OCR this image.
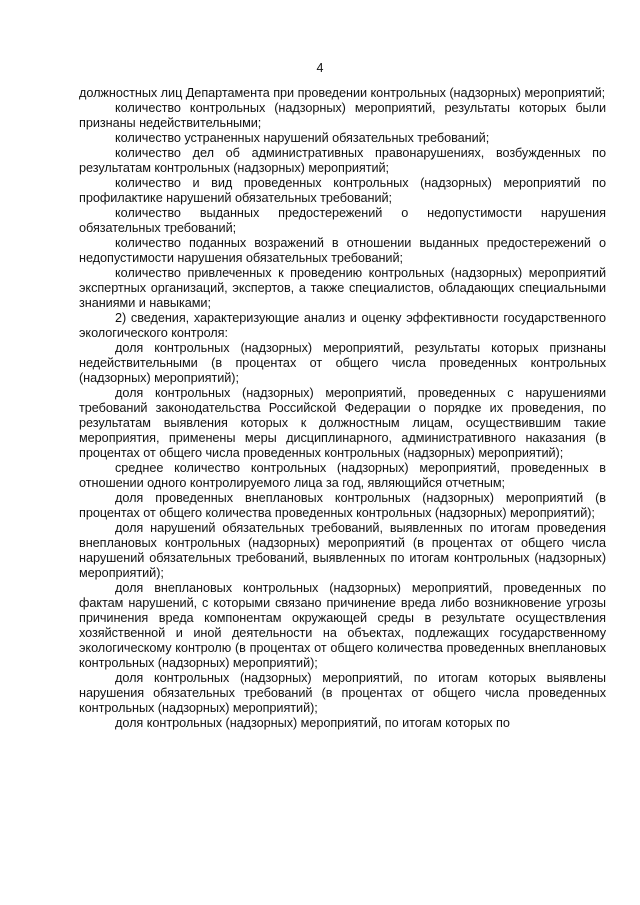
4

должностных лиц Департамента при проведении контрольных (надзорных) мероприятий;

количество контрольных (надзорных) мероприятий, результаты которых были признаны недействительными;

количество устраненных нарушений обязательных требований;

количество дел об административных правонарушениях, возбужденных по результатам контрольных (надзорных) мероприятий;

количество и вид проведенных контрольных (надзорных) мероприятий по профилактике нарушений обязательных требований;

количество выданных предостережений о недопустимости нарушения обязательных требований;

количество поданных возражений в отношении выданных предостережений о недопустимости нарушения обязательных требований;

количество привлеченных к проведению контрольных (надзорных) мероприятий экспертных организаций, экспертов, а также специалистов, обладающих специальными знаниями и навыками;

2) сведения, характеризующие анализ и оценку эффективности государственного экологического контроля:

доля контрольных (надзорных) мероприятий, результаты которых признаны недействительными (в процентах от общего числа проведенных контрольных (надзорных) мероприятий);

доля контрольных (надзорных) мероприятий, проведенных с нарушениями требований законодательства Российской Федерации о порядке их проведения, по результатам выявления которых к должностным лицам, осуществившим такие мероприятия, применены меры дисциплинарного, административного наказания (в процентах от общего числа проведенных контрольных (надзорных) мероприятий);

среднее количество контрольных (надзорных) мероприятий, проведенных в отношении одного контролируемого лица за год, являющийся отчетным;

доля проведенных внеплановых контрольных (надзорных) мероприятий (в процентах от общего количества проведенных контрольных (надзорных) мероприятий);

доля нарушений обязательных требований, выявленных по итогам проведения внеплановых контрольных (надзорных) мероприятий (в процентах от общего числа нарушений обязательных требований, выявленных по итогам контрольных (надзорных) мероприятий);

доля внеплановых контрольных (надзорных) мероприятий, проведенных по фактам нарушений, с которыми связано причинение вреда либо возникновение угрозы причинения вреда компонентам окружающей среды в результате осуществления хозяйственной и иной деятельности на объектах, подлежащих государственному экологическому контролю (в процентах от общего количества проведенных внеплановых контрольных (надзорных) мероприятий);

доля контрольных (надзорных) мероприятий, по итогам которых выявлены нарушения обязательных требований (в процентах от общего числа проведенных контрольных (надзорных) мероприятий);

доля контрольных (надзорных) мероприятий, по итогам которых по
